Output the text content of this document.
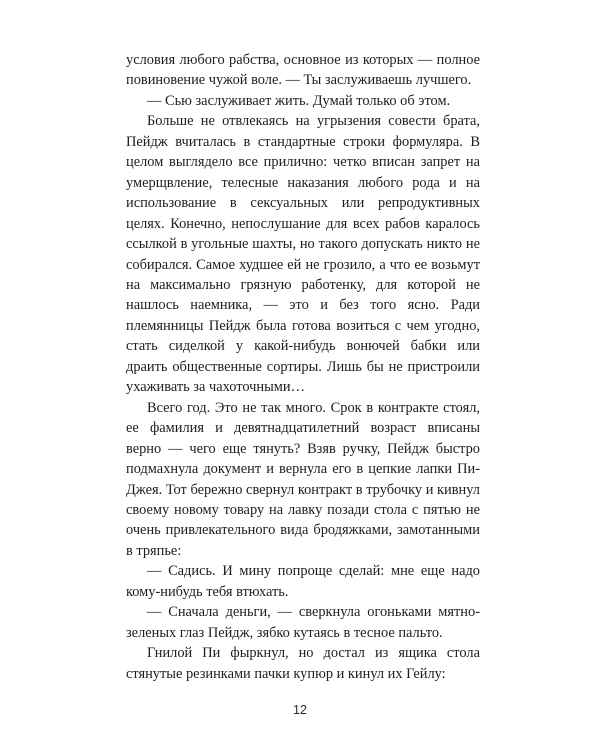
условия любого рабства, основное из которых — полное повиновение чужой воле. — Ты заслуживаешь лучшего.

— Сью заслуживает жить. Думай только об этом.

Больше не отвлекаясь на угрызения совести брата, Пейдж вчиталась в стандартные строки формуляра. В целом выглядело все прилично: четко вписан запрет на умерщвление, телесные наказания любого рода и на использование в сексуальных или репродуктивных целях. Конечно, непослушание для всех рабов каралось ссылкой в угольные шахты, но такого допускать никто не собирался. Самое худшее ей не грозило, а что ее возьмут на максимально грязную работенку, для которой не нашлось наемника, — это и без того ясно. Ради племянницы Пейдж была готова возиться с чем угодно, стать сиделкой у какой-нибудь вонючей бабки или драить общественные сортиры. Лишь бы не пристроили ухаживать за чахоточными…

Всего год. Это не так много. Срок в контракте стоял, ее фамилия и девятнадцатилетний возраст вписаны верно — чего еще тянуть? Взяв ручку, Пейдж быстро подмахнула документ и вернула его в цепкие лапки Пи-Джея. Тот бережно свернул контракт в трубочку и кивнул своему новому товару на лавку позади стола с пятью не очень привлекательного вида бродяжками, замотанными в тряпье:

— Садись. И мину попроще сделай: мне еще надо кому-нибудь тебя втюхать.

— Сначала деньги, — сверкнула огоньками мятно-зеленых глаз Пейдж, зябко кутаясь в тесное пальто.

Гнилой Пи фыркнул, но достал из ящика стола стянутые резинками пачки купюр и кинул их Гейлу:

12
